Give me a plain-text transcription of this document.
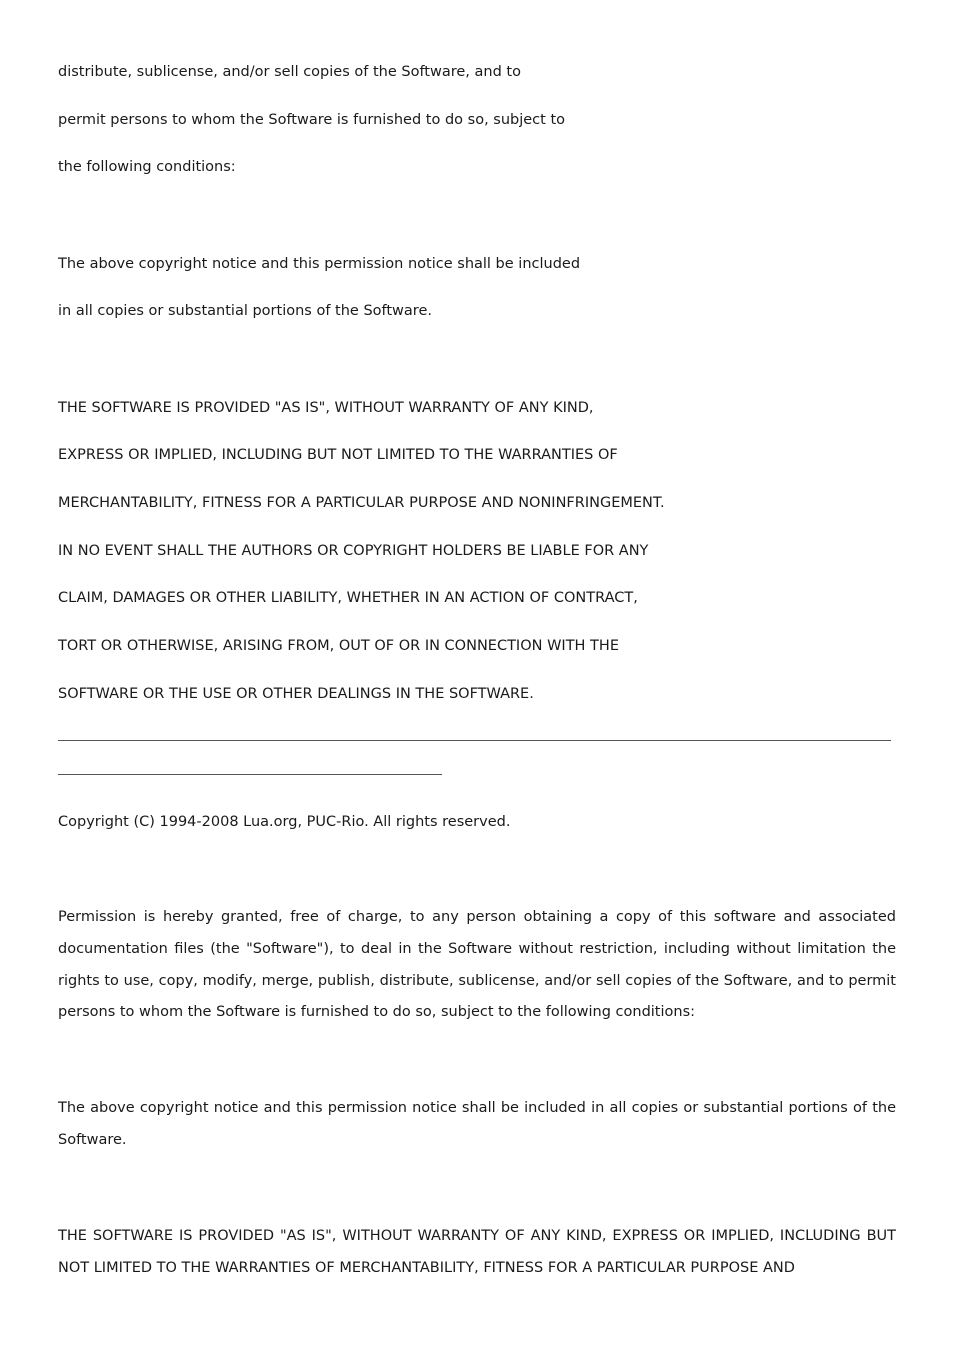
distribute, sublicense, and/or sell copies of the Software, and to
permit persons to whom the Software is furnished to do so, subject to
the following conditions:
The above copyright notice and this permission notice shall be included
in all copies or substantial portions of the Software.
THE SOFTWARE IS PROVIDED "AS IS", WITHOUT WARRANTY OF ANY KIND,
EXPRESS OR IMPLIED, INCLUDING BUT NOT LIMITED TO THE WARRANTIES OF
MERCHANTABILITY, FITNESS FOR A PARTICULAR PURPOSE AND NONINFRINGEMENT.
IN NO EVENT SHALL THE AUTHORS OR COPYRIGHT HOLDERS BE LIABLE FOR ANY
CLAIM, DAMAGES OR OTHER LIABILITY, WHETHER IN AN ACTION OF CONTRACT,
TORT OR OTHERWISE, ARISING FROM, OUT OF OR IN CONNECTION WITH THE
SOFTWARE OR THE USE OR OTHER DEALINGS IN THE SOFTWARE.
Copyright (C) 1994-2008 Lua.org, PUC-Rio. All rights reserved.
Permission is hereby granted, free of charge, to any person obtaining a copy of this software and associated documentation files (the "Software"), to deal in the Software without restriction, including without limitation the rights to use, copy, modify, merge, publish, distribute, sublicense, and/or sell copies of the Software, and to permit persons to whom the Software is furnished to do so, subject to the following conditions:
The above copyright notice and this permission notice shall be included in all copies or substantial portions of the Software.
THE SOFTWARE IS PROVIDED "AS IS", WITHOUT WARRANTY OF ANY KIND, EXPRESS OR IMPLIED, INCLUDING BUT NOT LIMITED TO THE WARRANTIES OF MERCHANTABILITY, FITNESS FOR A PARTICULAR PURPOSE AND
